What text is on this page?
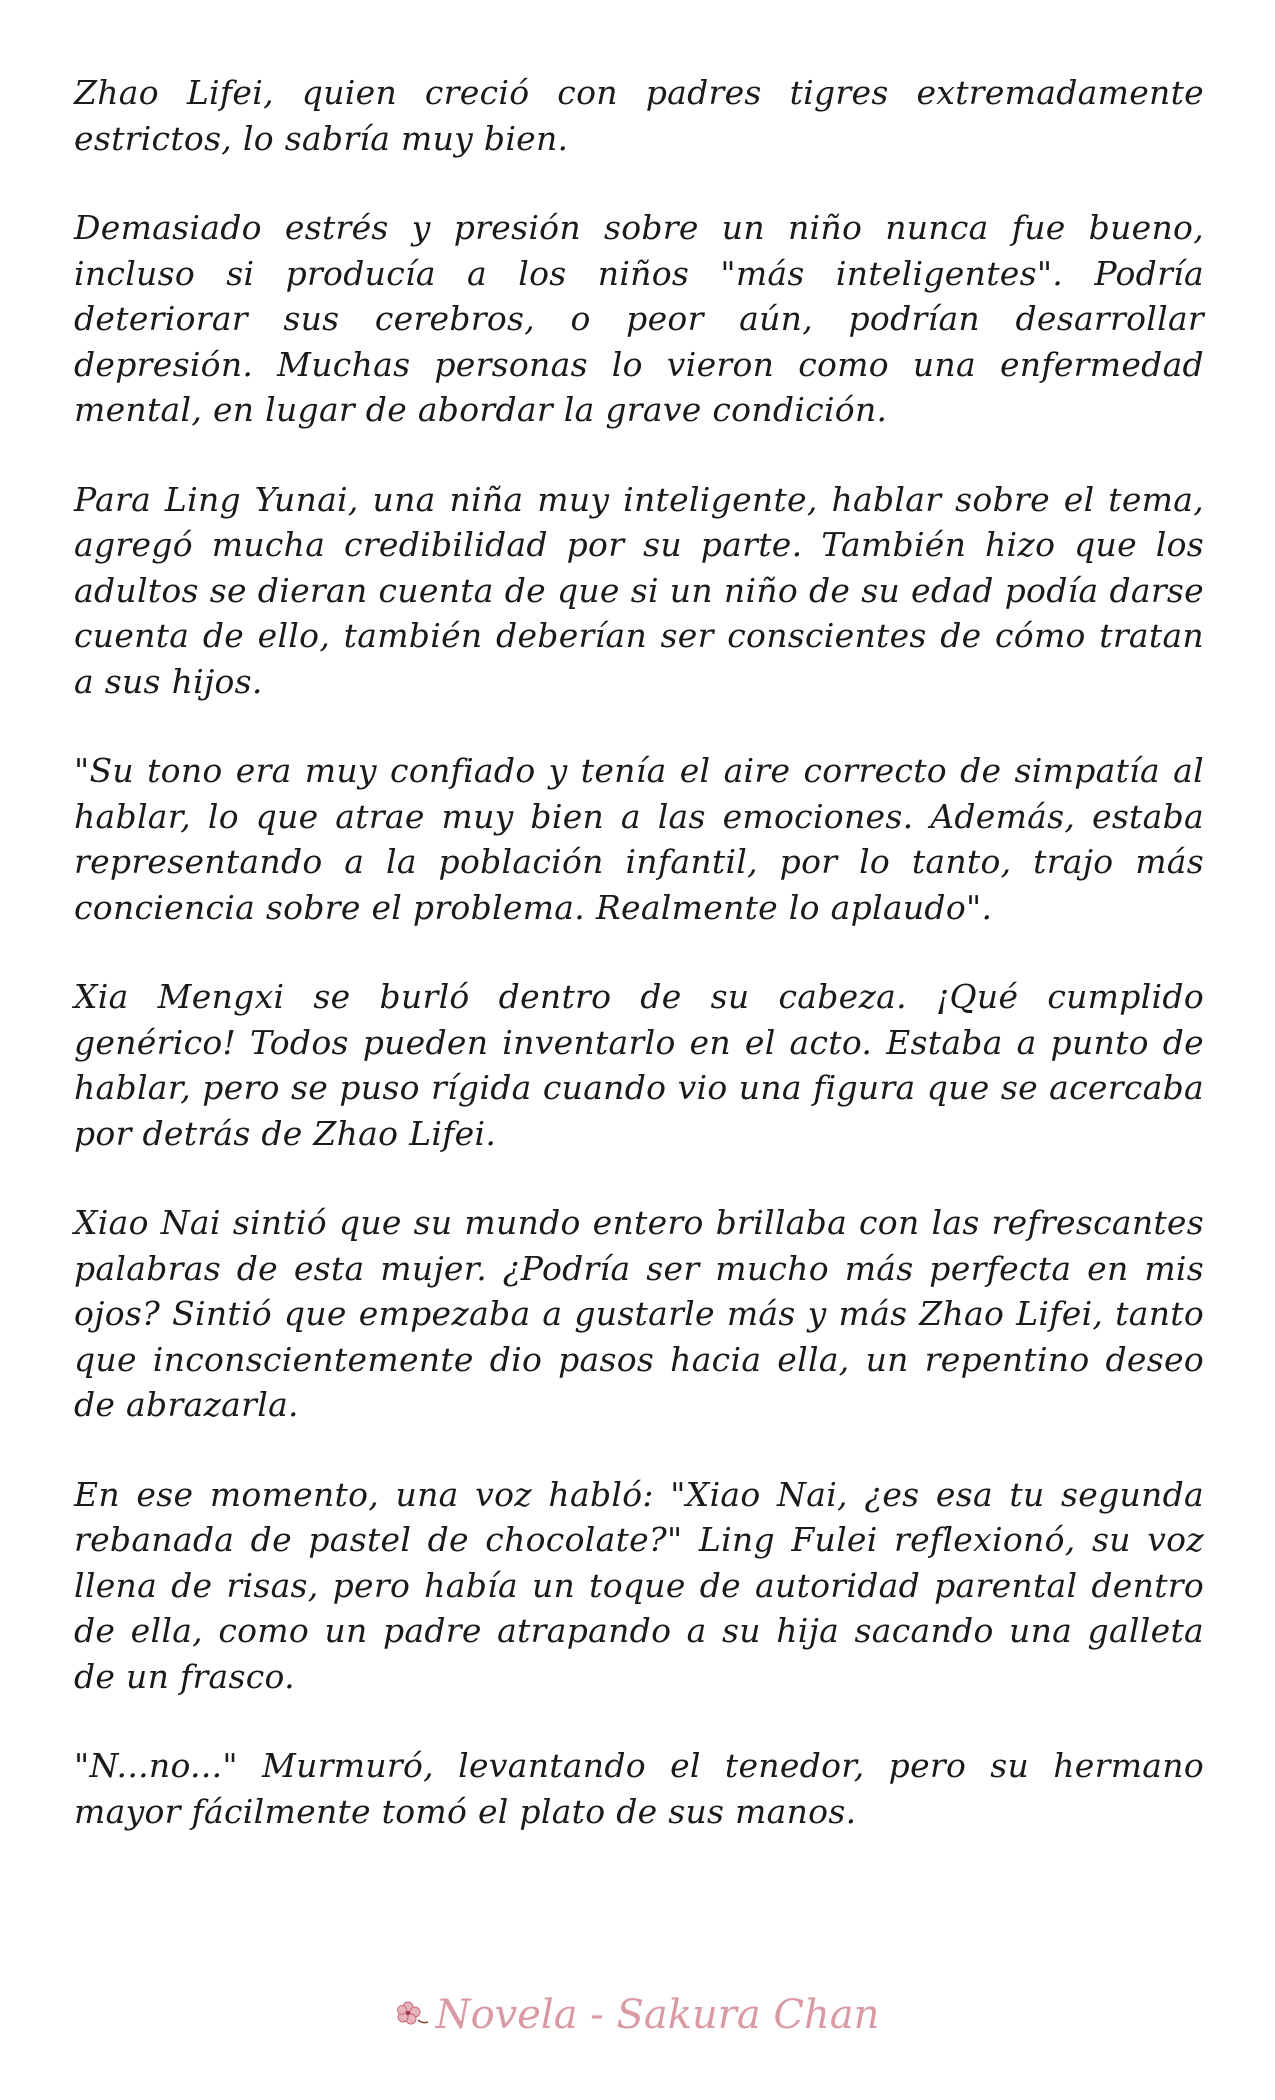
Zhao Lifei, quien creció con padres tigres extremadamente estrictos, lo sabría muy bien.

Demasiado estrés y presión sobre un niño nunca fue bueno, incluso si producía a los niños "más inteligentes". Podría deteriorar sus cerebros, o peor aún, podrían desarrollar depresión. Muchas personas lo vieron como una enfermedad mental, en lugar de abordar la grave condición.

Para Ling Yunai, una niña muy inteligente, hablar sobre el tema, agregó mucha credibilidad por su parte. También hizo que los adultos se dieran cuenta de que si un niño de su edad podía darse cuenta de ello, también deberían ser conscientes de cómo tratan a sus hijos.

"Su tono era muy confiado y tenía el aire correcto de simpatía al hablar, lo que atrae muy bien a las emociones. Además, estaba representando a la población infantil, por lo tanto, trajo más conciencia sobre el problema. Realmente lo aplaudo".

Xia Mengxi se burló dentro de su cabeza. ¡Qué cumplido genérico! Todos pueden inventarlo en el acto. Estaba a punto de hablar, pero se puso rígida cuando vio una figura que se acercaba por detrás de Zhao Lifei.

Xiao Nai sintió que su mundo entero brillaba con las refrescantes palabras de esta mujer. ¿Podría ser mucho más perfecta en mis ojos? Sintió que empezaba a gustarle más y más Zhao Lifei, tanto que inconscientemente dio pasos hacia ella, un repentino deseo de abrazarla.

En ese momento, una voz habló: "Xiao Nai, ¿es esa tu segunda rebanada de pastel de chocolate?" Ling Fulei reflexionó, su voz llena de risas, pero había un toque de autoridad parental dentro de ella, como un padre atrapando a su hija sacando una galleta de un frasco.

"N...no..." Murmuró, levantando el tenedor, pero su hermano mayor fácilmente tomó el plato de sus manos.

Novela - Sakura Chan
